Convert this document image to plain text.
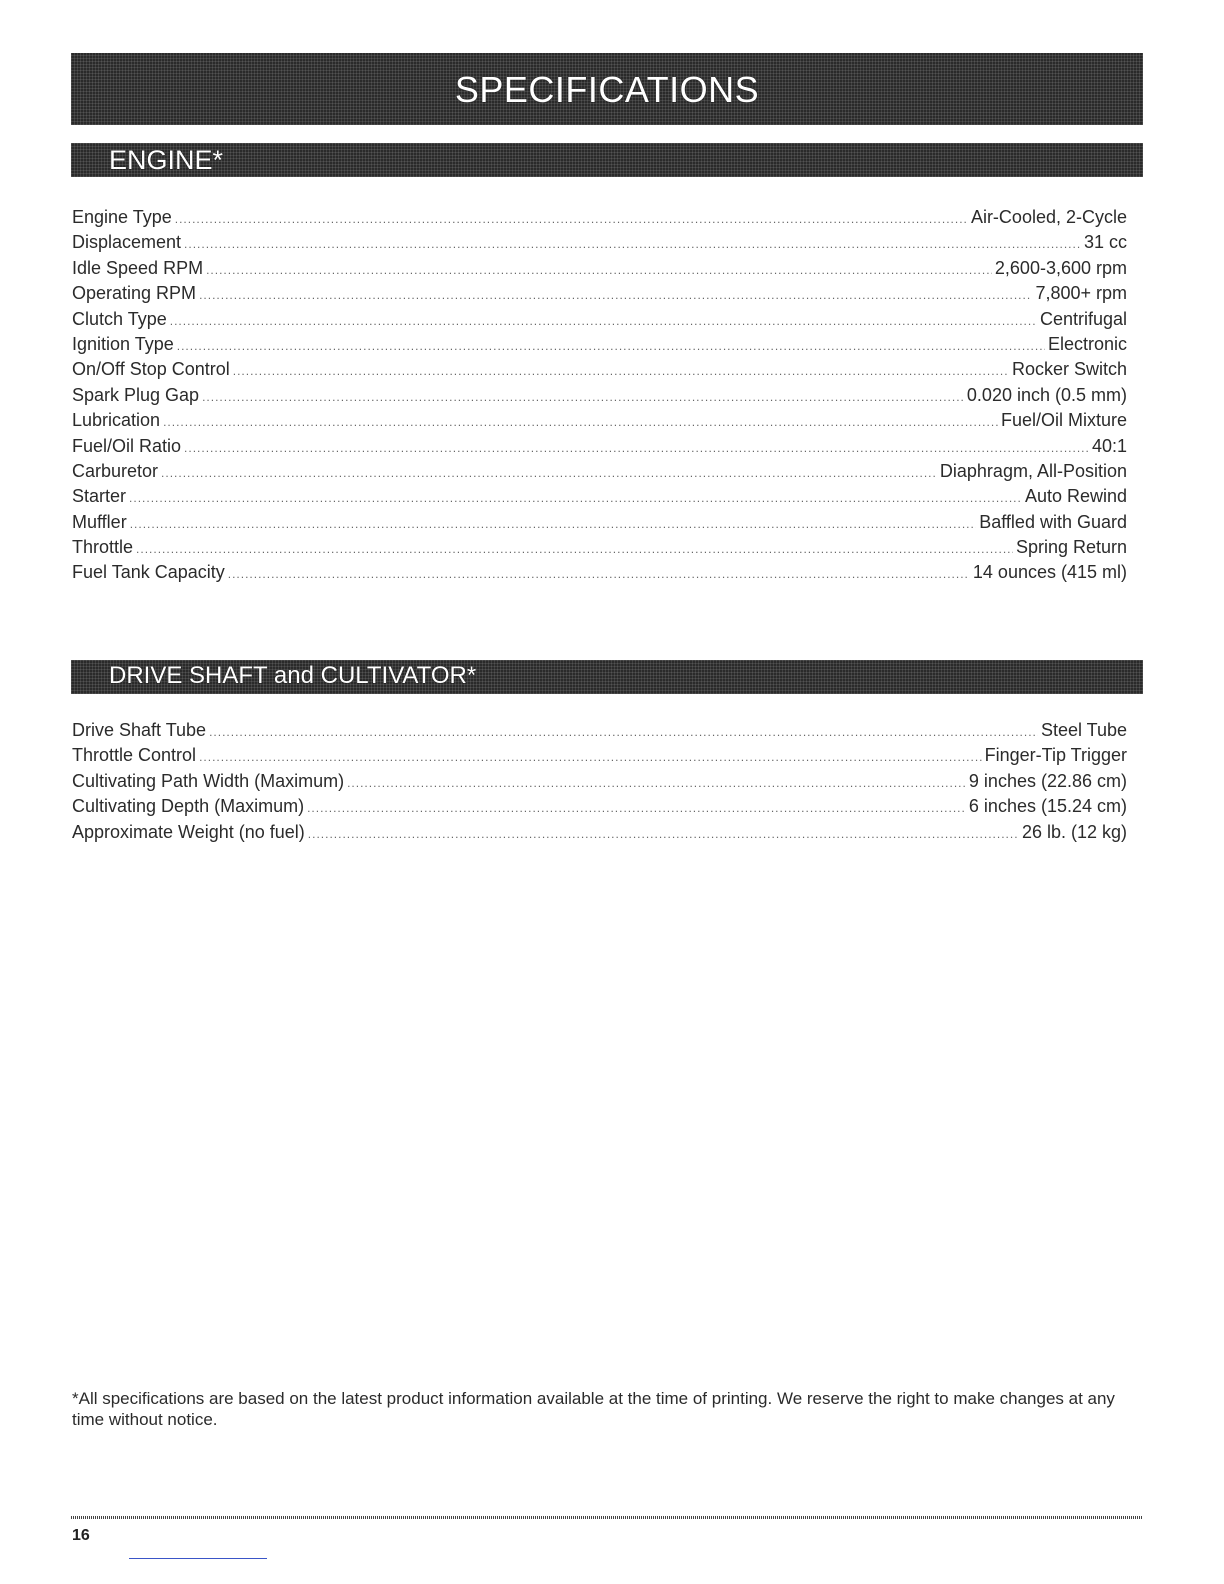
SPECIFICATIONS
ENGINE*
Engine Type .....	Air-Cooled, 2-Cycle
Displacement .....	31 cc
Idle Speed RPM .....	2,600-3,600 rpm
Operating RPM .....	7,800+ rpm
Clutch Type .....	Centrifugal
Ignition Type .....	Electronic
On/Off Stop Control .....	Rocker Switch
Spark Plug Gap .....	0.020 inch (0.5 mm)
Lubrication .....	Fuel/Oil Mixture
Fuel/Oil Ratio .....	40:1
Carburetor .....	Diaphragm, All-Position
Starter .....	Auto Rewind
Muffler .....	Baffled with Guard
Throttle .....	Spring Return
Fuel Tank Capacity .....	14 ounces (415 ml)
DRIVE SHAFT and CULTIVATOR*
Drive Shaft Tube .....	Steel Tube
Throttle Control .....	Finger-Tip Trigger
Cultivating Path Width (Maximum) .....	9 inches (22.86 cm)
Cultivating Depth (Maximum) .....	6 inches (15.24 cm)
Approximate Weight (no fuel) .....	26 lb. (12 kg)
*All specifications are based on the latest product information available at the time of printing. We reserve the right to make changes at any time without notice.
16
